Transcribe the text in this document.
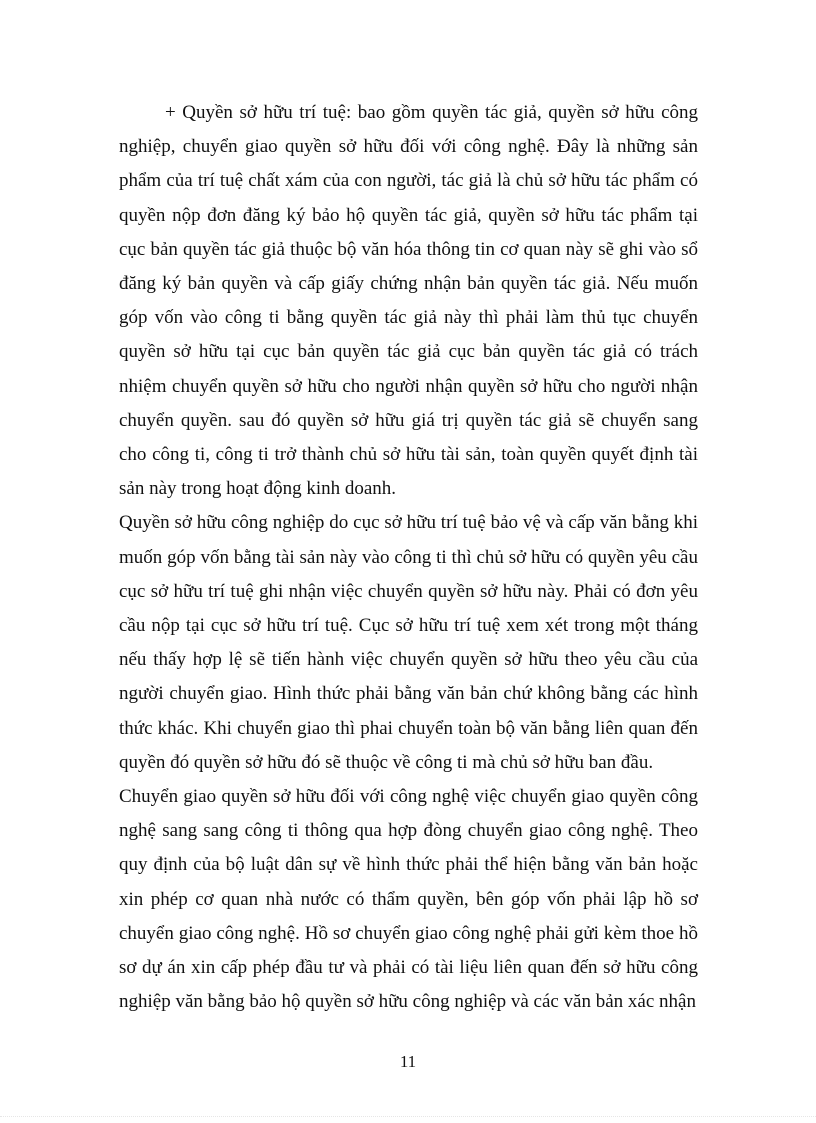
+ Quyền sở hữu trí tuệ: bao gồm quyền tác giả, quyền sở hữu công nghiệp, chuyển giao quyền sở hữu đối với công nghệ. Đây là những sản phẩm của trí tuệ chất xám của con người, tác giả là chủ sở hữu tác phẩm có quyền nộp đơn đăng ký bảo hộ quyền tác giả, quyền sở hữu tác phẩm tại cục bản quyền tác giả thuộc bộ văn hóa thông tin cơ quan này sẽ ghi vào sổ đăng ký bản quyền và cấp giấy chứng nhận bản quyền tác giả. Nếu muốn góp vốn vào công ti bằng quyền tác giả này thì phải làm thủ tục chuyển quyền sở hữu tại cục bản quyền tác giả cục bản quyền tác giả có trách nhiệm chuyển quyền sở hữu cho người nhận quyền sở hữu cho người nhận chuyển quyền. sau đó quyền sở hữu giá trị quyền tác giả sẽ chuyển sang cho công ti, công ti trở thành chủ sở hữu tài sản, toàn quyền quyết định tài sản này trong hoạt động kinh doanh.

Quyền sở hữu công nghiệp do cục sở hữu trí tuệ bảo vệ và cấp văn bằng khi muốn góp vốn bằng tài sản này vào công ti thì chủ sở hữu có quyền yêu cầu cục sở hữu trí tuệ ghi nhận việc chuyển quyền sở hữu này. Phải có đơn yêu cầu nộp tại cục sở hữu trí tuệ. Cục sở hữu trí tuệ xem xét trong một tháng nếu thấy hợp lệ sẽ tiến hành việc chuyển quyền sở hữu theo yêu cầu của người chuyển giao. Hình thức phải bằng văn bản chứ không bằng các hình thức khác. Khi chuyển giao thì phai chuyển toàn bộ văn bằng liên quan đến quyền đó quyền sở hữu đó sẽ thuộc về công ti mà chủ sở hữu ban đầu.

Chuyển giao quyền sở hữu đối với công nghệ việc chuyển giao quyền công nghệ sang sang công ti thông qua hợp đòng chuyển giao công nghệ. Theo quy định của bộ luật dân sự về hình thức phải thể hiện bằng văn bản hoặc xin phép cơ quan nhà nước có thẩm quyền, bên góp vốn phải lập hồ sơ chuyển giao công nghệ. Hồ sơ chuyển giao công nghệ phải gửi kèm thoe hồ sơ dự án xin cấp phép đầu tư và phải có tài liệu liên quan đến sở hữu công nghiệp văn bằng bảo hộ quyền sở hữu công nghiệp và các văn bản xác nhận

11
